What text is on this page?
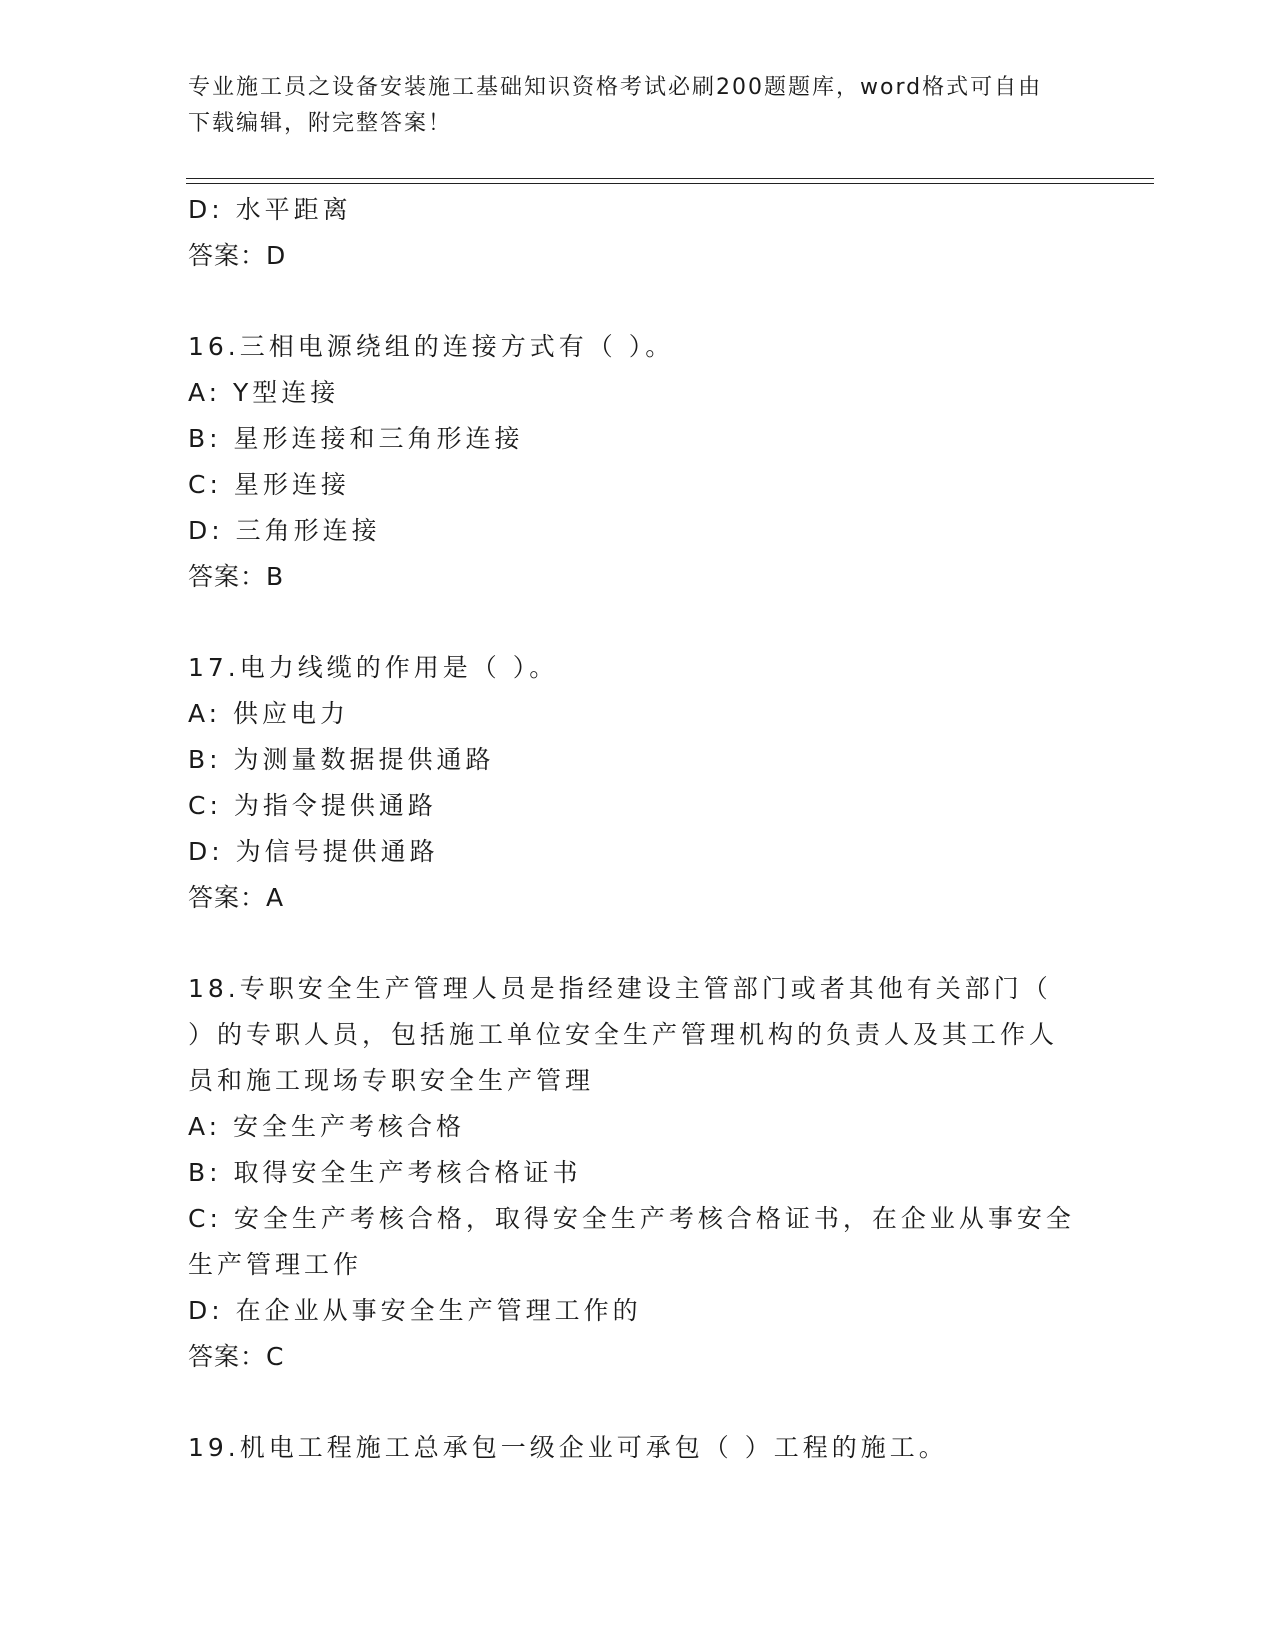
专业施工员之设备安装施工基础知识资格考试必刷200题题库，word格式可自由
下载编辑，附完整答案！
D: 水平距离
答案：D
16.三相电源绕组的连接方式有（ ）。
A: Y型连接
B: 星形连接和三角形连接
C: 星形连接
D: 三角形连接
答案：B
17.电力线缆的作用是（ ）。
A: 供应电力
B: 为测量数据提供通路
C: 为指令提供通路
D: 为信号提供通路
答案：A
18.专职安全生产管理人员是指经建设主管部门或者其他有关部门（
）的专职人员，包括施工单位安全生产管理机构的负责人及其工作人
员和施工现场专职安全生产管理
A: 安全生产考核合格
B: 取得安全生产考核合格证书
C: 安全生产考核合格，取得安全生产考核合格证书，在企业从事安全
生产管理工作
D: 在企业从事安全生产管理工作的
答案：C
19.机电工程施工总承包一级企业可承包（ ）工程的施工。
